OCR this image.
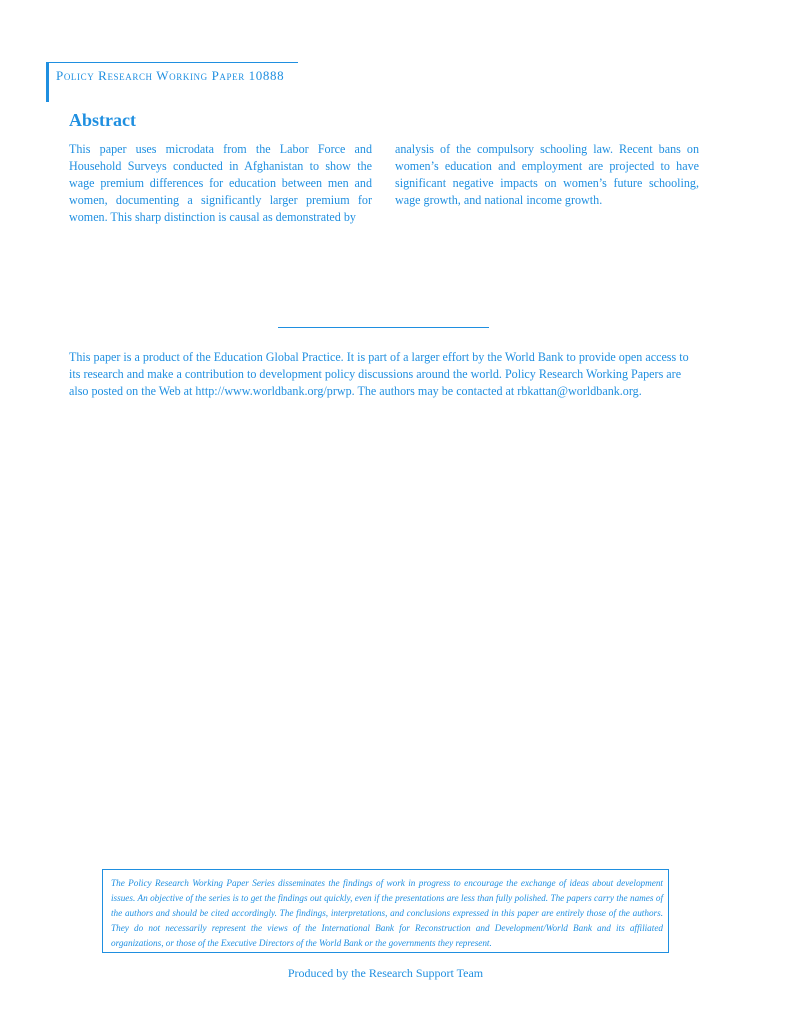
Policy Research Working Paper 10888
Abstract

This paper uses microdata from the Labor Force and Household Surveys conducted in Afghanistan to show the wage premium differences for education between men and women, documenting a significantly larger premium for women. This sharp distinction is causal as demonstrated by

analysis of the compulsory schooling law. Recent bans on women’s education and employment are projected to have significant negative impacts on women’s future schooling, wage growth, and national income growth.

This paper is a product of the Education Global Practice. It is part of a larger effort by the World Bank to provide open access to its research and make a contribution to development policy discussions around the world. Policy Research Working Papers are also posted on the Web at http://www.worldbank.org/prwp. The authors may be contacted at rbkattan@worldbank.org.

The Policy Research Working Paper Series disseminates the findings of work in progress to encourage the exchange of ideas about development issues. An objective of the series is to get the findings out quickly, even if the presentations are less than fully polished. The papers carry the names of the authors and should be cited accordingly. The findings, interpretations, and conclusions expressed in this paper are entirely those of the authors. They do not necessarily represent the views of the International Bank for Reconstruction and Development/World Bank and its affiliated organizations, or those of the Executive Directors of the World Bank or the governments they represent.

Produced by the Research Support Team
